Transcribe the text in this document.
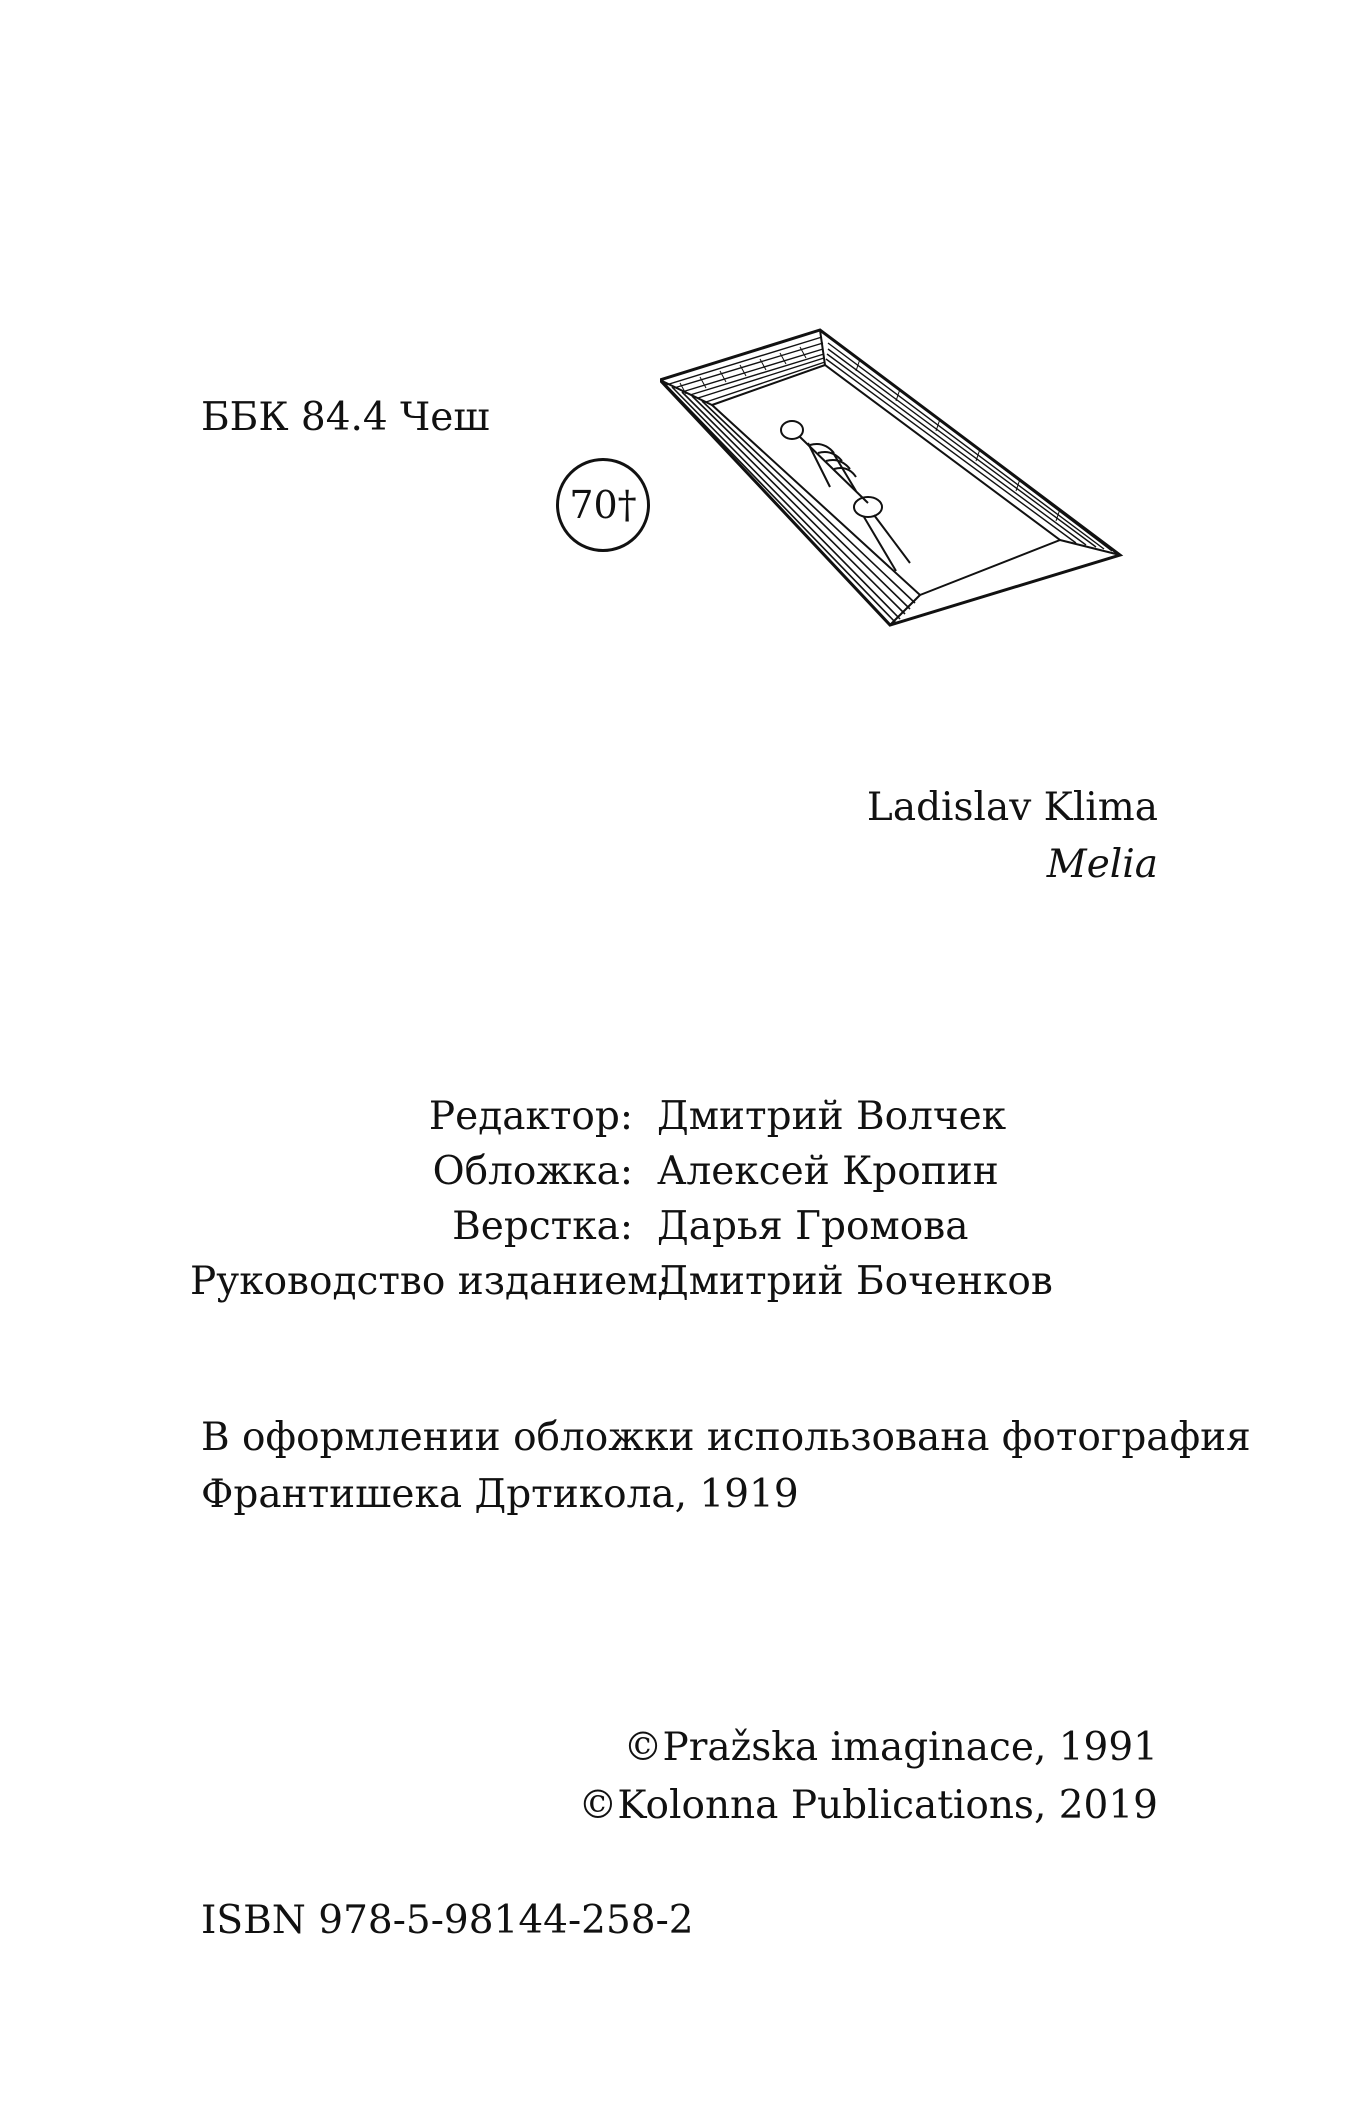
ББК 84.4 Чеш
70†
Ladislav Klima
Melia
Редактор: Дмитрий Волчек
Обложка: Алексей Кропин
Верстка: Дарья Громова
Руководство изданием:
Дмитрий Боченков
В оформлении обложки использована фотография
Франтишека Дртикола, 1919
©Pražska imaginace, 1991
©Kolonna Publications, 2019
ISBN 978-5-98144-258-2
